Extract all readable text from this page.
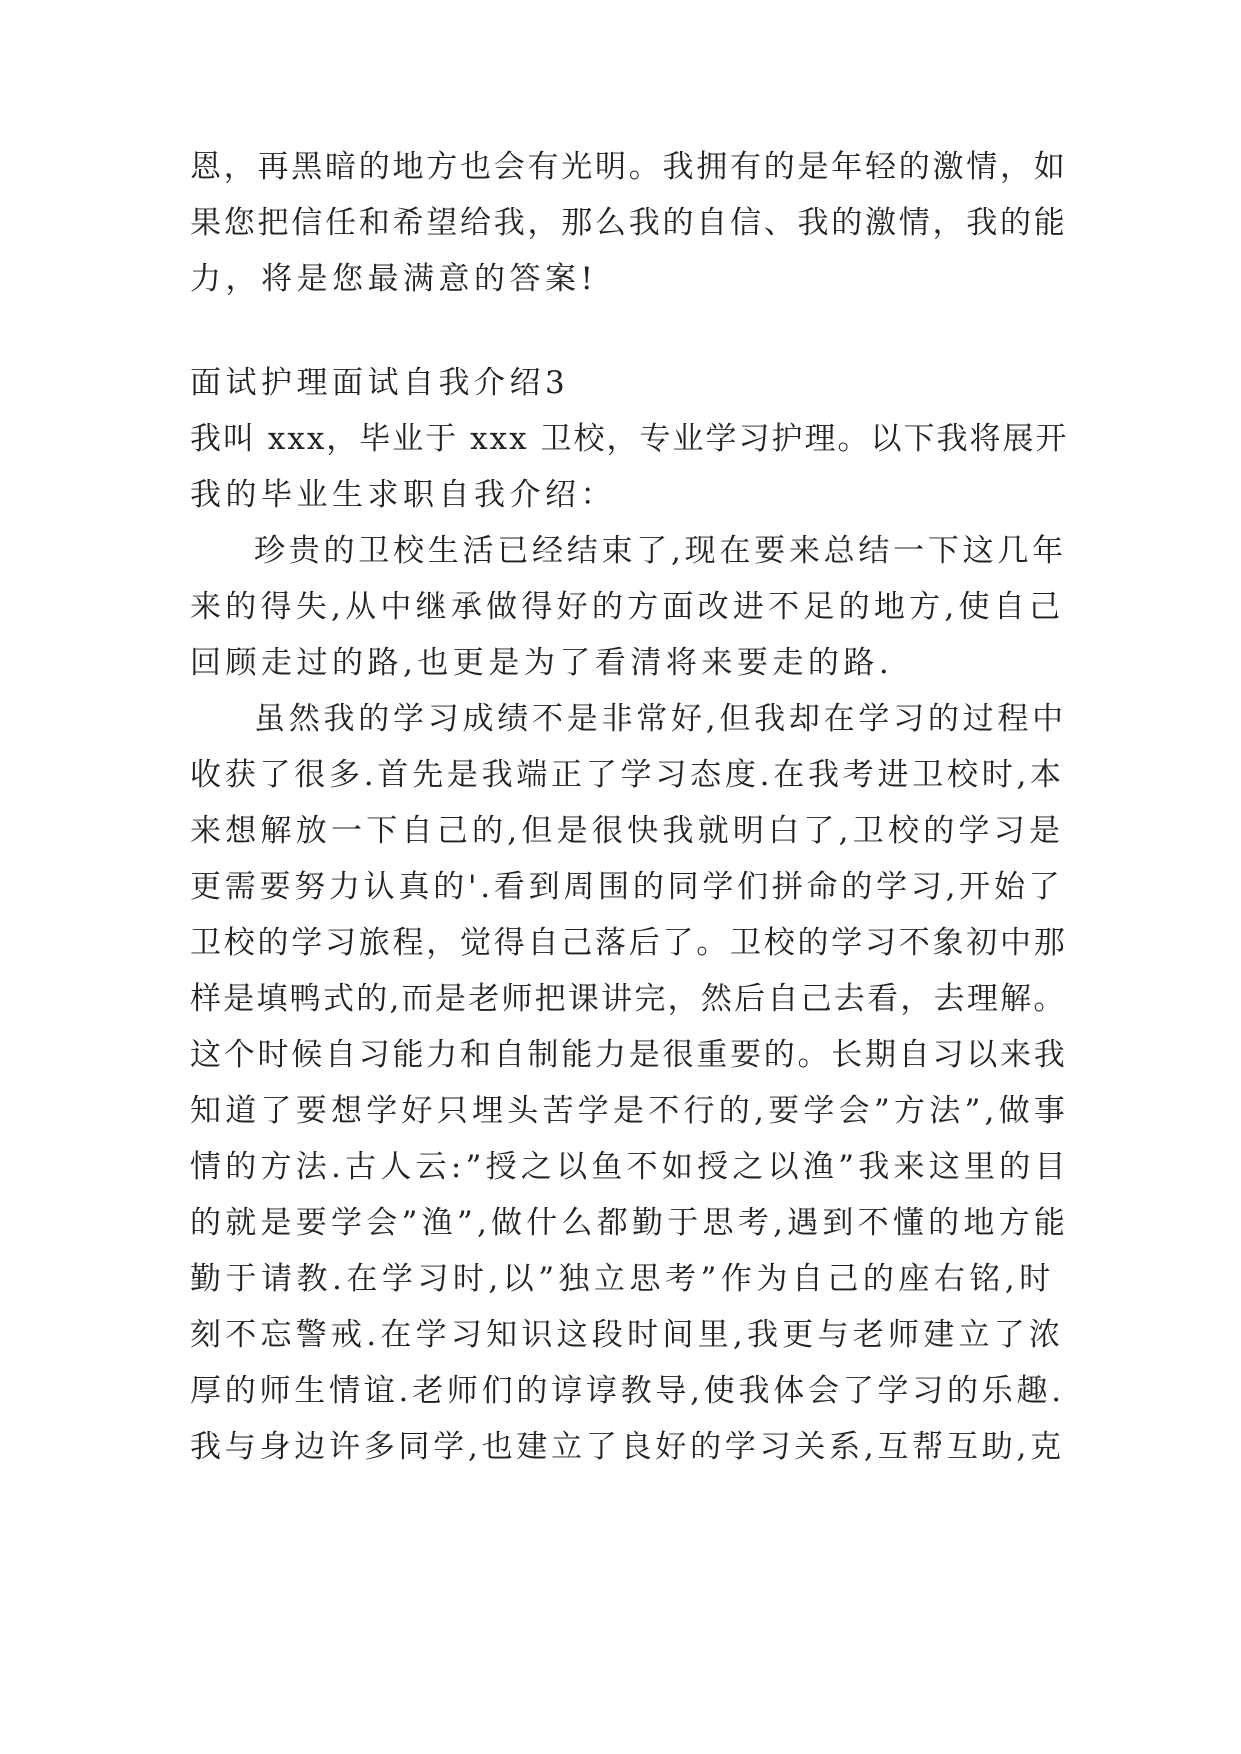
恩，再黑暗的地方也会有光明。我拥有的是年轻的激情，如
果您把信任和希望给我，那么我的自信、我的激情，我的能
力，将是您最满意的答案!
面试护理面试自我介绍3
我叫 xxx，毕业于 xxx 卫校，专业学习护理。以下我将展开
我的毕业生求职自我介绍：
珍贵的卫校生活已经结束了,现在要来总结一下这几年
来的得失,从中继承做得好的方面改进不足的地方,使自己
回顾走过的路,也更是为了看清将来要走的路.
虽然我的学习成绩不是非常好,但我却在学习的过程中
收获了很多.首先是我端正了学习态度.在我考进卫校时,本
来想解放一下自己的,但是很快我就明白了,卫校的学习是
更需要努力认真的'.看到周围的同学们拼命的学习,开始了
卫校的学习旅程，觉得自己落后了。卫校的学习不象初中那
样是填鸭式的,而是老师把课讲完，然后自己去看，去理解。
这个时候自习能力和自制能力是很重要的。长期自习以来我
知道了要想学好只埋头苦学是不行的,要学会”方法”,做事
情的方法.古人云:”授之以鱼不如授之以渔”我来这里的目
的就是要学会”渔”,做什么都勤于思考,遇到不懂的地方能
勤于请教.在学习时,以”独立思考”作为自己的座右铭,时
刻不忘警戒.在学习知识这段时间里,我更与老师建立了浓
厚的师生情谊.老师们的谆谆教导,使我体会了学习的乐趣.
我与身边许多同学,也建立了良好的学习关系,互帮互助,克
